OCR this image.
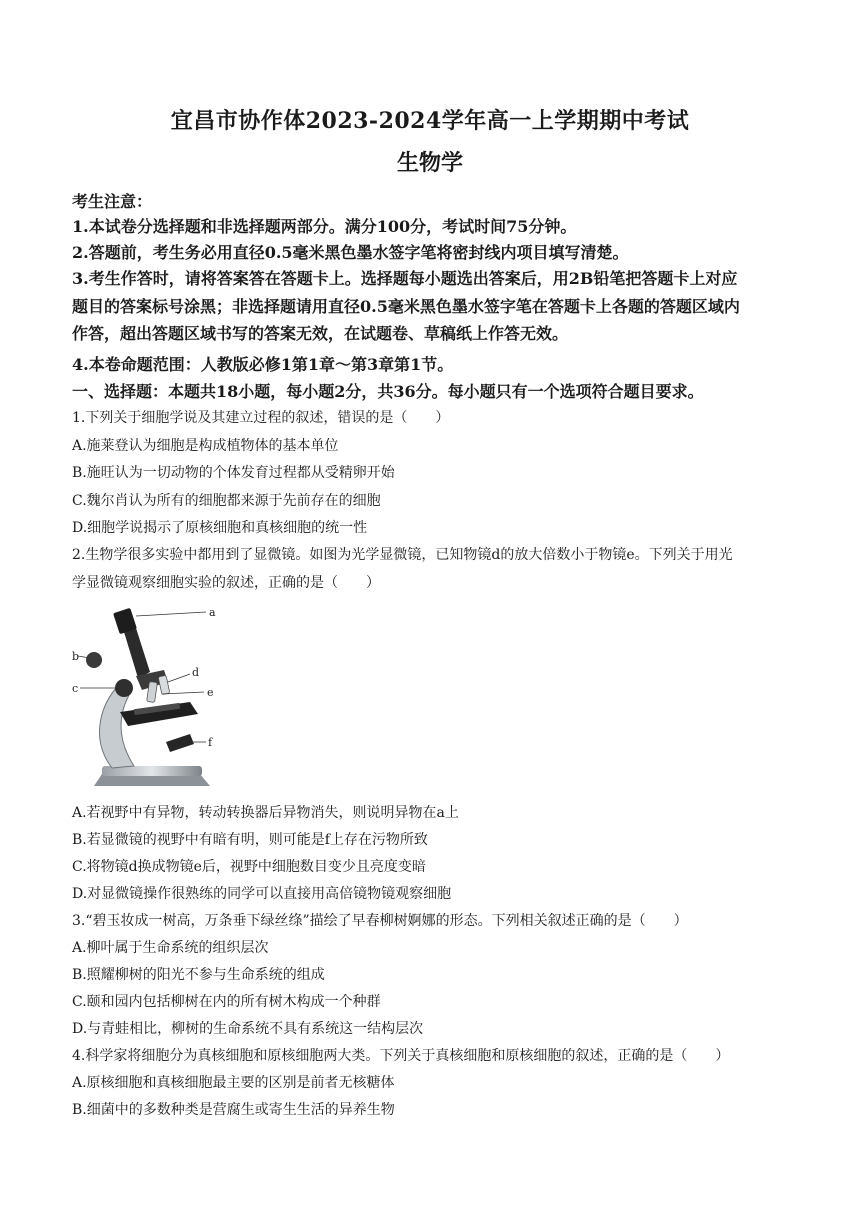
宜昌市协作体2023-2024学年高一上学期期中考试
生物学
考生注意：
1.本试卷分选择题和非选择题两部分。满分100分，考试时间75分钟。
2.答题前，考生务必用直径0.5毫米黑色墨水签字笔将密封线内项目填写清楚。
3.考生作答时，请将答案答在答题卡上。选择题每小题选出答案后，用2B铅笔把答题卡上对应
题目的答案标号涂黑；非选择题请用直径0.5毫米黑色墨水签字笔在答题卡上各题的答题区域内
作答，超出答题区域书写的答案无效，在试题卷、草稿纸上作答无效。
4.本卷命题范围：人教版必修1第1章～第3章第1节。
一、选择题：本题共18小题，每小题2分，共36分。每小题只有一个选项符合题目要求。
1.下列关于细胞学说及其建立过程的叙述，错误的是（　　）
A.施莱登认为细胞是构成植物体的基本单位
B.施旺认为一切动物的个体发育过程都从受精卵开始
C.魏尔肖认为所有的细胞都来源于先前存在的细胞
D.细胞学说揭示了原核细胞和真核细胞的统一性
2.生物学很多实验中都用到了显微镜。如图为光学显微镜，已知物镜d的放大倍数小于物镜e。下列关于用光
学显微镜观察细胞实验的叙述，正确的是（　　）
a
b
c
d
e
f
A.若视野中有异物，转动转换器后异物消失，则说明异物在a上
B.若显微镜的视野中有暗有明，则可能是f上存在污物所致
C.将物镜d换成物镜e后，视野中细胞数目变少且亮度变暗
D.对显微镜操作很熟练的同学可以直接用高倍镜物镜观察细胞
3.“碧玉妆成一树高，万条垂下绿丝绦”描绘了早春柳树婀娜的形态。下列相关叙述正确的是（　　）
A.柳叶属于生命系统的组织层次
B.照耀柳树的阳光不参与生命系统的组成
C.颐和园内包括柳树在内的所有树木构成一个种群
D.与青蛙相比，柳树的生命系统不具有系统这一结构层次
4.科学家将细胞分为真核细胞和原核细胞两大类。下列关于真核细胞和原核细胞的叙述，正确的是（　　）
A.原核细胞和真核细胞最主要的区别是前者无核糖体
B.细菌中的多数种类是营腐生或寄生生活的异养生物
